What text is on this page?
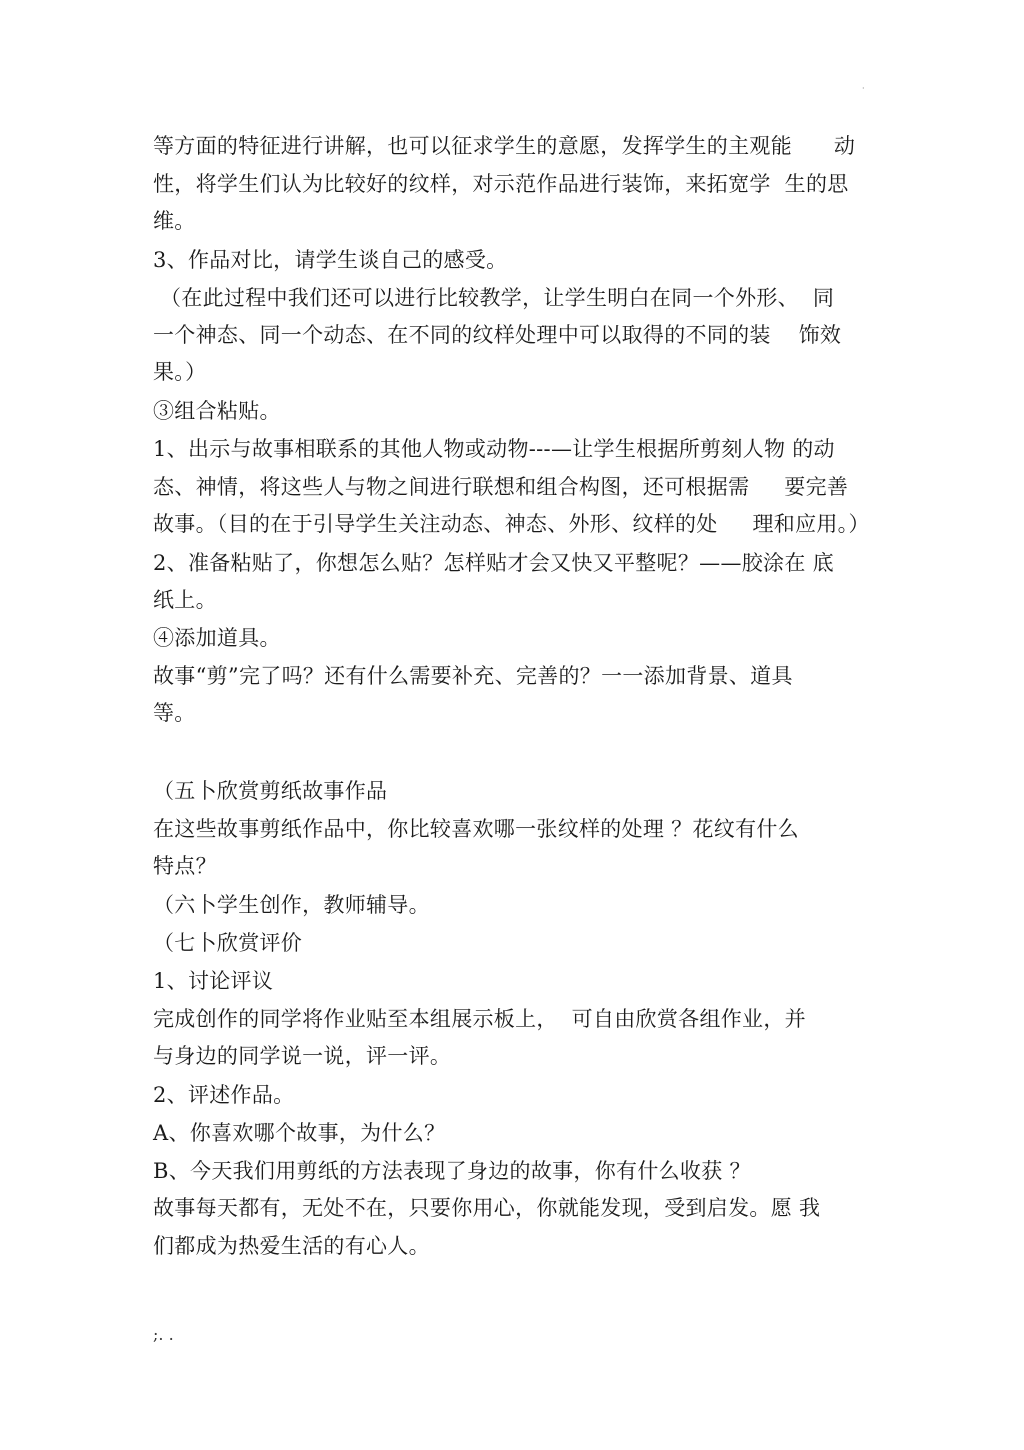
·
等方面的特征进行讲解，也可以征求学生的意愿，发挥学生的主观能      动
性，将学生们认为比较好的纹样，对示范作品进行装饰，来拓宽学  生的思
维。
3、作品对比，请学生谈自己的感受。
（在此过程中我们还可以进行比较教学，让学生明白在同一个外形、  同
一个神态、同一个动态、在不同的纹样处理中可以取得的不同的装    饰效
果。）
③组合粘贴。
1、出示与故事相联系的其他人物或动物---—让学生根据所剪刻人物 的动
态、神情，将这些人与物之间进行联想和组合构图，还可根据需     要完善
故事。（目的在于引导学生关注动态、神态、外形、纹样的处     理和应用。）
2、准备粘贴了，你想怎么贴？怎样贴才会又快又平整呢？——胶涂在 底
纸上。
④添加道具。
故事“剪”完了吗？还有什么需要补充、完善的？一一添加背景、道具
等。
（五卜欣赏剪纸故事作品
在这些故事剪纸作品中，你比较喜欢哪一张纹样的处理 ？花纹有什么
特点？
（六卜学生创作，教师辅导。
（七卜欣赏评价
1、讨论评议
完成创作的同学将作业贴至本组展示板上，  可自由欣赏各组作业，并
与身边的同学说一说，评一评。
2、评述作品。
A、你喜欢哪个故事，为什么？
B、今天我们用剪纸的方法表现了身边的故事，你有什么收获 ？
故事每天都有，无处不在，只要你用心，你就能发现，受到启发。愿 我
们都成为热爱生活的有心人。
;. .
